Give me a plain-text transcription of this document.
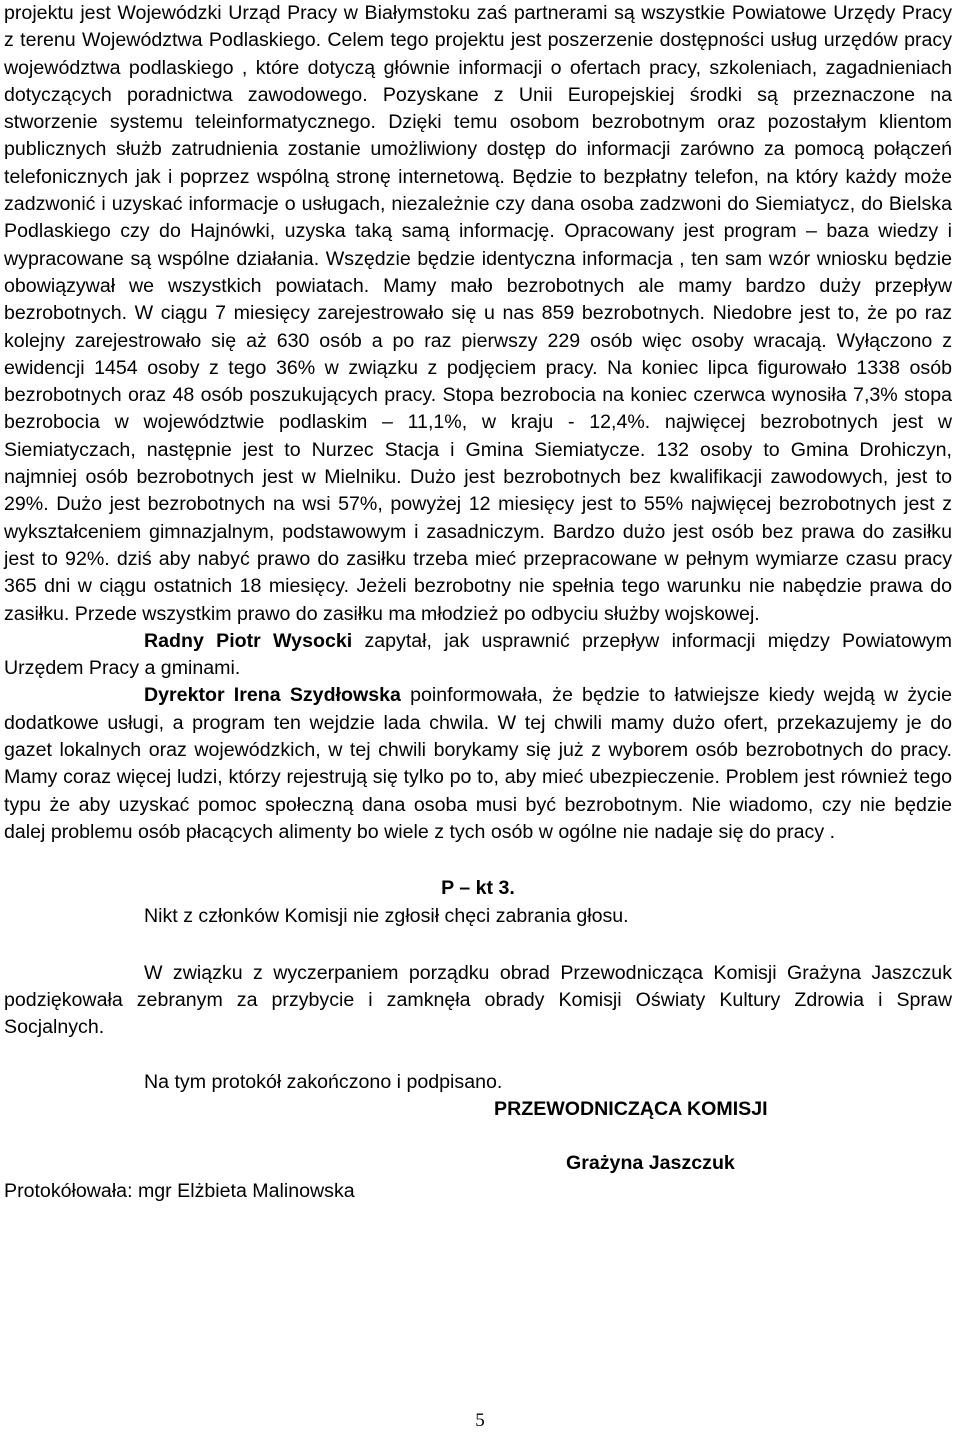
projektu jest Wojewódzki Urząd Pracy w Białymstoku zaś partnerami są wszystkie Powiatowe Urzędy Pracy z terenu Województwa Podlaskiego. Celem tego projektu jest poszerzenie dostępności usług urzędów pracy województwa podlaskiego , które dotyczą głównie informacji o ofertach pracy, szkoleniach, zagadnieniach dotyczących poradnictwa zawodowego. Pozyskane z Unii Europejskiej środki są przeznaczone na stworzenie systemu teleinformatycznego. Dzięki temu osobom bezrobotnym oraz pozostałym klientom publicznych służb zatrudnienia zostanie umożliwiony dostęp do informacji zarówno za pomocą połączeń telefonicznych jak i poprzez wspólną stronę internetową. Będzie to bezpłatny telefon, na który każdy może zadzwonić i uzyskać informacje o usługach, niezależnie czy dana osoba zadzwoni do Siemiatycz, do Bielska Podlaskiego czy do Hajnówki, uzyska taką samą informację. Opracowany jest program – baza wiedzy i wypracowane są wspólne działania. Wszędzie będzie identyczna informacja , ten sam wzór wniosku będzie obowiązywał we wszystkich powiatach. Mamy mało bezrobotnych ale mamy bardzo duży przepływ bezrobotnych. W ciągu 7 miesięcy zarejestrowało się u nas 859 bezrobotnych. Niedobre jest to, że po raz kolejny zarejestrowało się aż 630 osób a po raz pierwszy 229 osób więc osoby wracają. Wyłączono z ewidencji 1454 osoby z tego 36% w związku z podjęciem pracy. Na koniec lipca figurowało 1338 osób bezrobotnych oraz 48 osób poszukujących pracy. Stopa bezrobocia na koniec czerwca wynosiła 7,3% stopa bezrobocia w województwie podlaskim – 11,1%, w kraju - 12,4%. najwięcej bezrobotnych jest w Siemiatyczach, następnie jest to Nurzec Stacja i Gmina Siemiatycze. 132 osoby to Gmina Drohiczyn, najmniej osób bezrobotnych jest w Mielniku. Dużo jest bezrobotnych bez kwalifikacji zawodowych, jest to 29%. Dużo jest bezrobotnych na wsi 57%, powyżej 12 miesięcy jest to 55% najwięcej bezrobotnych jest z wykształceniem gimnazjalnym, podstawowym i zasadniczym. Bardzo dużo jest osób bez prawa do zasiłku jest to 92%. dziś aby nabyć prawo do zasiłku trzeba mieć przepracowane w pełnym wymiarze czasu pracy 365 dni w ciągu ostatnich 18 miesięcy. Jeżeli bezrobotny nie spełnia tego warunku nie nabędzie prawa do zasiłku. Przede wszystkim prawo do zasiłku ma młodzież po odbyciu służby wojskowej.

Radny Piotr Wysocki zapytał, jak usprawnić przepływ informacji między Powiatowym Urzędem Pracy a gminami.

Dyrektor Irena Szydłowska poinformowała, że będzie to łatwiejsze kiedy wejdą w życie dodatkowe usługi, a program ten wejdzie lada chwila. W tej chwili mamy dużo ofert, przekazujemy je do gazet lokalnych oraz wojewódzkich, w tej chwili borykamy się już z wyborem osób bezrobotnych do pracy. Mamy coraz więcej ludzi, którzy rejestrują się tylko po to, aby mieć ubezpieczenie. Problem jest również tego typu że aby uzyskać pomoc społeczną dana osoba musi być bezrobotnym. Nie wiadomo, czy nie będzie dalej problemu osób płacących alimenty bo wiele z tych osób w ogólne nie nadaje się do pracy .

P – kt 3.

Nikt z członków Komisji nie zgłosił chęci zabrania głosu.

W związku z wyczerpaniem porządku obrad Przewodnicząca Komisji Grażyna Jaszczuk podziękowała zebranym za przybycie i zamknęła obrady Komisji Oświaty Kultury Zdrowia i Spraw Socjalnych.

Na tym protokół zakończono i podpisano.

PRZEWODNICZĄCA KOMISJI

Grażyna Jaszczuk

Protokółowała: mgr Elżbieta Malinowska

5
